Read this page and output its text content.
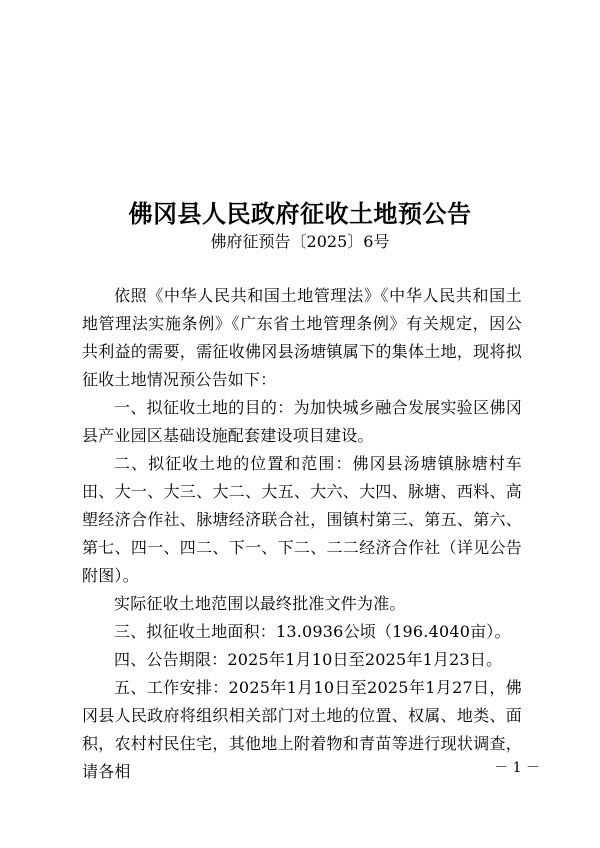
佛冈县人民政府征收土地预公告
佛府征预告〔2025〕6号

依照《中华人民共和国土地管理法》《中华人民共和国土地管理法实施条例》《广东省土地管理条例》有关规定，因公共利益的需要，需征收佛冈县汤塘镇属下的集体土地，现将拟征收土地情况预公告如下：

一、拟征收土地的目的：为加快城乡融合发展实验区佛冈县产业园区基础设施配套建设项目建设。

二、拟征收土地的位置和范围：佛冈县汤塘镇脉塘村车田、大一、大三、大二、大五、大六、大四、脉塘、西料、高塱经济合作社、脉塘经济联合社，围镇村第三、第五、第六、第七、四一、四二、下一、下二、二二经济合作社（详见公告附图）。

实际征收土地范围以最终批准文件为准。

三、拟征收土地面积：13.0936公顷（196.4040亩）。

四、公告期限：2025年1月10日至2025年1月23日。

五、工作安排：2025年1月10日至2025年1月27日，佛冈县人民政府将组织相关部门对土地的位置、权属、地类、面积，农村村民住宅，其他地上附着物和青苗等进行现状调查，请各相	－ 1 －
